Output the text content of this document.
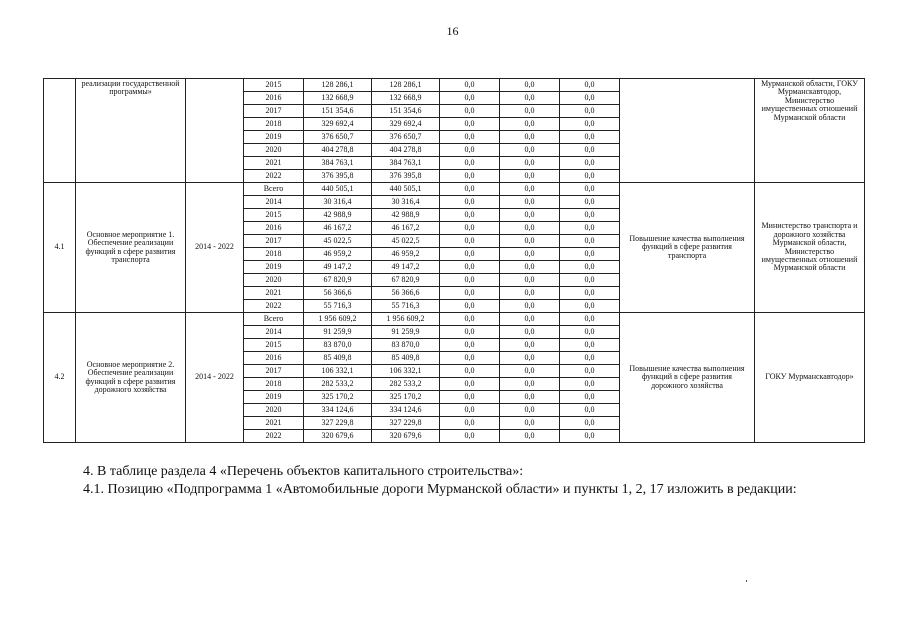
16
	реализации государственной программы»		2015	128 286,1	128 286,1	0,0	0,0	0,0		Мурманской области, ГОКУ Мурманскавтодор, Министерство имущественных отношений Мурманской области
			2016	132 668,9	132 668,9	0,0	0,0	0,0		
			2017	151 354,6	151 354,6	0,0	0,0	0,0		
			2018	329 692,4	329 692,4	0,0	0,0	0,0		
			2019	376 650,7	376 650,7	0,0	0,0	0,0		
			2020	404 278,8	404 278,8	0,0	0,0	0,0		
			2021	384 763,1	384 763,1	0,0	0,0	0,0		
			2022	376 395,8	376 395,8	0,0	0,0	0,0		
4.1	Основное мероприятие 1. Обеспечение реализации функций в сфере развития транспорта	2014 - 2022	Всего	440 505,1	440 505,1	0,0	0,0	0,0	Повышение качества выполнения функций в сфере развития транспорта	Министерство транспорта и дорожного хозяйства Мурманской области, Министерство имущественных отношений Мурманской области
			2014	30 316,4	30 316,4	0,0	0,0	0,0		
			2015	42 988,9	42 988,9	0,0	0,0	0,0		
			2016	46 167,2	46 167,2	0,0	0,0	0,0		
			2017	45 022,5	45 022,5	0,0	0,0	0,0		
			2018	46 959,2	46 959,2	0,0	0,0	0,0		
			2019	49 147,2	49 147,2	0,0	0,0	0,0		
			2020	67 820,9	67 820,9	0,0	0,0	0,0		
			2021	56 366,6	56 366,6	0,0	0,0	0,0		
			2022	55 716,3	55 716,3	0,0	0,0	0,0		
4.2	Основное мероприятие 2. Обеспечение реализации функций в сфере развития дорожного хозяйства	2014 - 2022	Всего	1 956 609,2	1 956 609,2	0,0	0,0	0,0	Повышение качества выполнения функций в сфере развития дорожного хозяйства	ГОКУ Мурманскавтодор»
			2014	91 259,9	91 259,9	0,0	0,0	0,0		
			2015	83 870,0	83 870,0	0,0	0,0	0,0		
			2016	85 409,8	85 409,8	0,0	0,0	0,0		
			2017	106 332,1	106 332,1	0,0	0,0	0,0		
			2018	282 533,2	282 533,2	0,0	0,0	0,0		
			2019	325 170,2	325 170,2	0,0	0,0	0,0		
			2020	334 124,6	334 124,6	0,0	0,0	0,0		
			2021	327 229,8	327 229,8	0,0	0,0	0,0		
			2022	320 679,6	320 679,6	0,0	0,0	0,0		
4. В таблице раздела 4 «Перечень объектов капитального строительства»:
4.1. Позицию «Подпрограмма 1 «Автомобильные дороги Мурманской области» и пункты 1, 2, 17 изложить в редакции:
